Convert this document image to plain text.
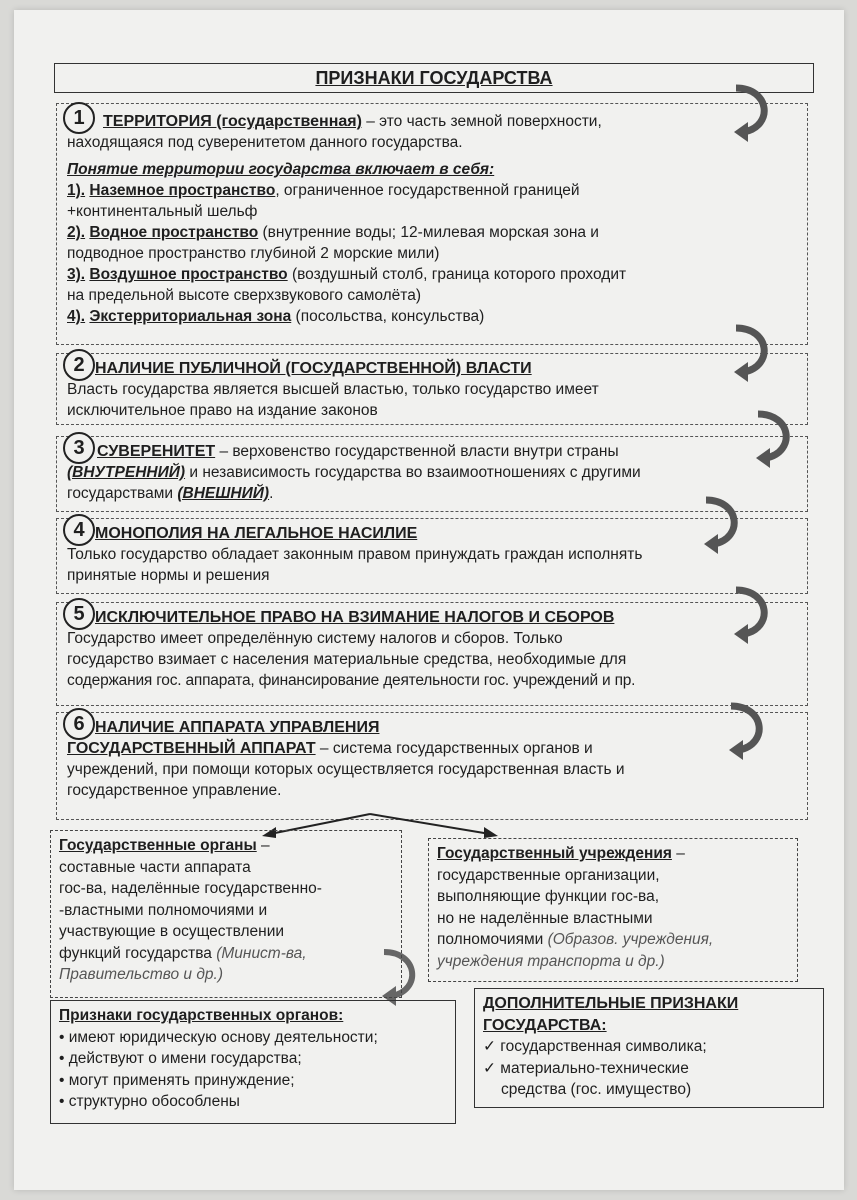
ПРИЗНАКИ ГОСУДАРСТВА
1	ТЕРРИТОРИЯ (государственная) – это часть земной поверхности,
находящаяся под суверенитетом данного государства.
Понятие территории государства включает в себя:
1). Наземное пространство, ограниченное государственной границей
+континентальный шельф
2). Водное пространство (внутренние воды; 12-милевая морская зона и
подводное пространство глубиной 2 морские мили)
3). Воздушное пространство (воздушный столб, граница которого проходит
на предельной высоте сверхзвукового самолёта)
4). Экстерриториальная зона (посольства, консульства)
2 НАЛИЧИЕ ПУБЛИЧНОЙ (ГОСУДАРСТВЕННОЙ) ВЛАСТИ
Власть государства является высшей властью, только государство имеет
исключительное право на издание законов
3 СУВЕРЕНИТЕТ – верховенство государственной власти внутри страны
(ВНУТРЕННИЙ) и независимость государства во взаимоотношениях с другими
государствами (ВНЕШНИЙ).
4 МОНОПОЛИЯ НА ЛЕГАЛЬНОЕ НАСИЛИЕ
Только государство обладает законным правом принуждать граждан исполнять
принятые нормы и решения
5 ИСКЛЮЧИТЕЛЬНОЕ ПРАВО НА ВЗИМАНИЕ НАЛОГОВ И СБОРОВ
Государство имеет определённую систему налогов и сборов. Только
государство взимает с населения материальные средства, необходимые для
содержания гос. аппарата, финансирование деятельности гос. учреждений и пр.
6 НАЛИЧИЕ АППАРАТА УПРАВЛЕНИЯ
ГОСУДАРСТВЕННЫЙ АППАРАТ – система государственных органов и
учреждений, при помощи которых осуществляется государственная власть и
государственное управление.
Государственные органы –
составные части аппарата
гос-ва, наделённые государственно-
-властными полномочиями и
участвующие в осуществлении
функций государства (Минист-ва,
Правительство и др.)
Государственный учреждения –
государственные организации,
выполняющие функции гос-ва,
но не наделённые властными
полномочиями (Образов. учреждения,
учреждения транспорта и др.)
Признаки государственных органов:
• имеют юридическую основу деятельности;
• действуют о имени государства;
• могут применять принуждение;
• структурно обособлены
ДОПОЛНИТЕЛЬНЫЕ ПРИЗНАКИ
ГОСУДАРСТВА:
✓ государственная символика;
✓ материально-технические
средства (гос. имущество)
